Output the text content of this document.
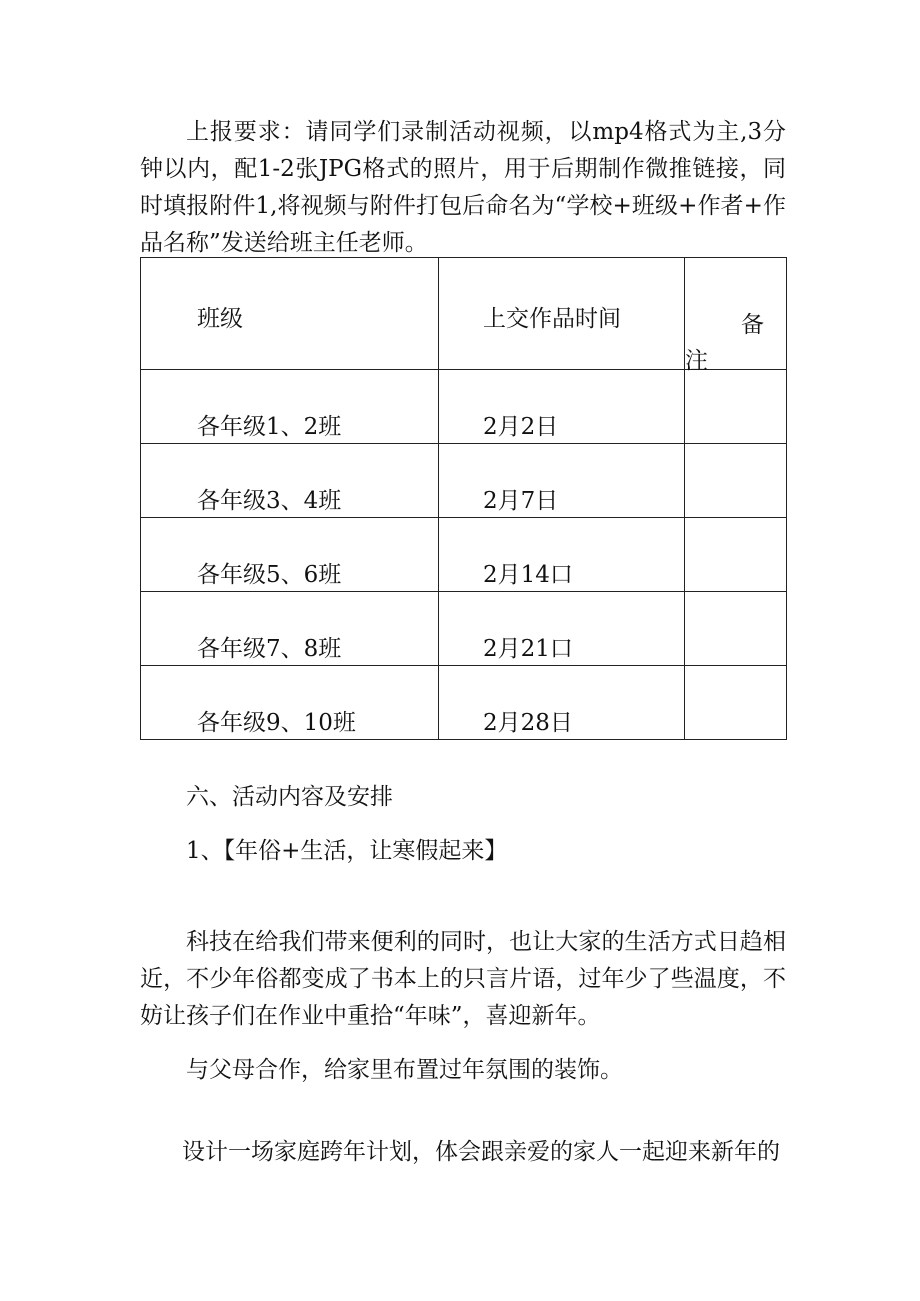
上报要求：请同学们录制活动视频，以mp4格式为主,3分钟以内，配1-2张JPG格式的照片，用于后期制作微推链接，同时填报附件1,将视频与附件打包后命名为“学校+班级+作者+作品名称”发送给班主任老师。

班级	上交作品时间	备
注

各年级1、2班	2月2日	
各年级3、4班	2月7日	
各年级5、6班	2月14口	
各年级7、8班	2月21口	
各年级9、10班	2月28日	

六、活动内容及安排

1、【年俗+生活，让寒假起来】

科技在给我们带来便利的同时，也让大家的生活方式日趋相近，不少年俗都变成了书本上的只言片语，过年少了些温度，不妨让孩子们在作业中重拾“年味”，喜迎新年。

与父母合作，给家里布置过年氛围的装饰。

设计一场家庭跨年计划，体会跟亲爱的家人一起迎来新年的
